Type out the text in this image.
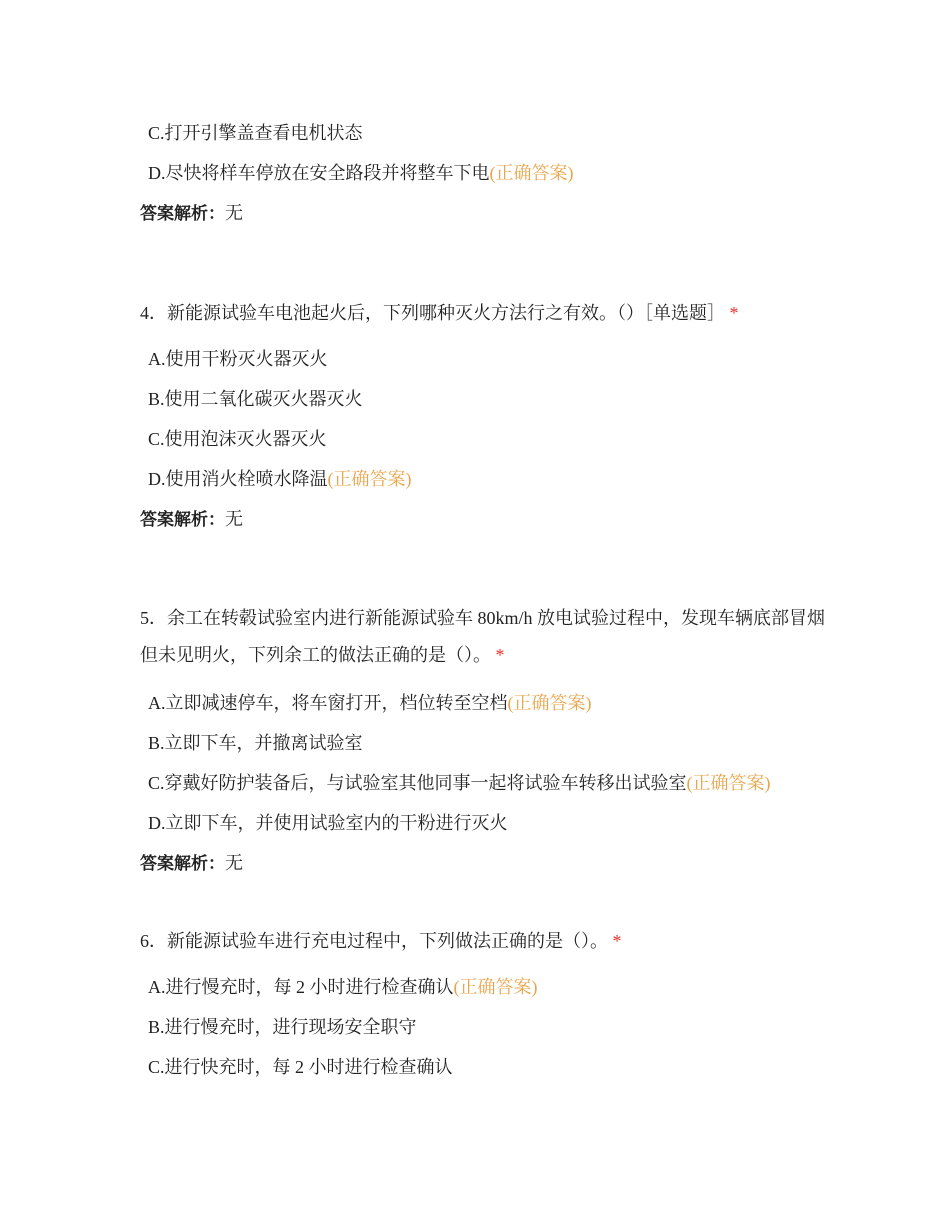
C.打开引擎盖查看电机状态
D.尽快将样车停放在安全路段并将整车下电(正确答案)
答案解析：无
4．新能源试验车电池起火后，下列哪种灭火方法行之有效。（）［单选题］ *
A.使用干粉灭火器灭火
B.使用二氧化碳灭火器灭火
C.使用泡沫灭火器灭火
D.使用消火栓喷水降温(正确答案)
答案解析：无
5．余工在转毂试验室内进行新能源试验车 80km/h 放电试验过程中，发现车辆底部冒烟但未见明火，下列余工的做法正确的是（）。 *
A.立即减速停车，将车窗打开，档位转至空档(正确答案)
B.立即下车，并撤离试验室
C.穿戴好防护装备后，与试验室其他同事一起将试验车转移出试验室(正确答案)
D.立即下车，并使用试验室内的干粉进行灭火
答案解析：无
6．新能源试验车进行充电过程中，下列做法正确的是（）。 *
A.进行慢充时，每 2 小时进行检查确认(正确答案)
B.进行慢充时，进行现场安全职守
C.进行快充时，每 2 小时进行检查确认
